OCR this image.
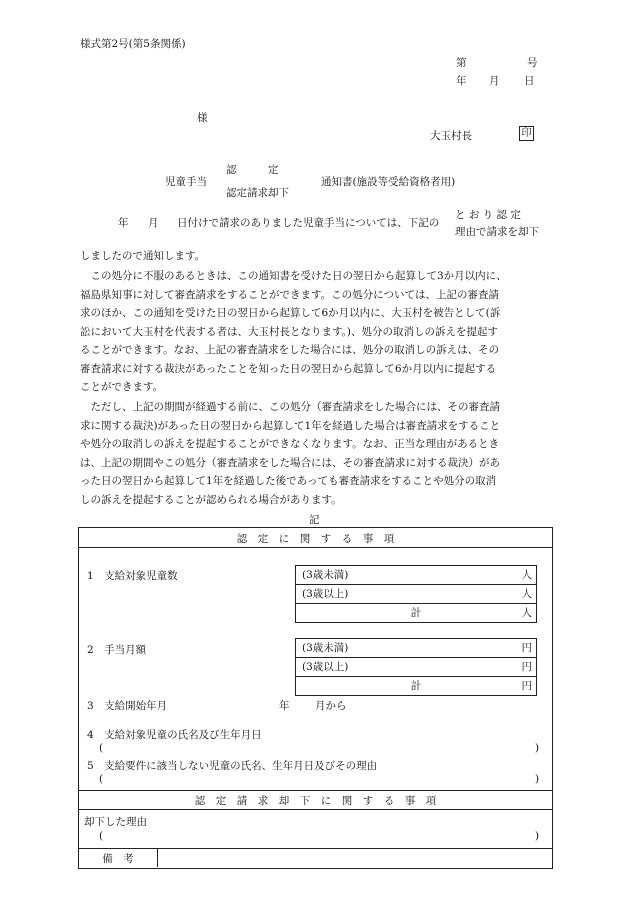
様式第2号(第5条関係)
第	号
年 月 日
様
大玉村長	印
児童手当
認　　　定
認定請求却下
通知書(施設等受給資格者用)
年 月 日付けで請求のありました児童手当については、下記の
と お り 認 定
理由で請求を却下
しましたので通知します。
　この処分に不服のあるときは、この通知書を受けた日の翌日から起算して3か月以内に、
福島県知事に対して審査請求をすることができます。この処分については、上記の審査請
求のほか、この通知を受けた日の翌日から起算して6か月以内に、大玉村を被告として(訴
訟において大玉村を代表する者は、大玉村長となります。)、処分の取消しの訴えを提起す
ることができます。なお、上記の審査請求をした場合には、処分の取消しの訴えは、その
審査請求に対する裁決があったことを知った日の翌日から起算して6か月以内に提起する
ことができます。
　ただし、上記の期間が経過する前に、この処分（審査請求をした場合には、その審査請
求に関する裁決)があった日の翌日から起算して1年を経過した場合は審査請求をすること
や処分の取消しの訴えを提起することができなくなります。なお、正当な理由があるとき
は、上記の期間やこの処分（審査請求をした場合には、その審査請求に対する裁決）があ
った日の翌日から起算して1年を経過した後であっても審査請求をすることや処分の取消
しの訴えを提起することが認められる場合があります。
記
認　定　に　関　す　る　事　項
1　支給対象児童数	(3歳未満)	人
(3歳以上)	人
計	人
2　手当月額	(3歳未満)	円
(3歳以上)	円
計	円
3　支給開始年月	年 月から
4　支給対象児童の氏名及び生年月日
(	)
5　支給要件に該当しない児童の氏名、生年月日及びその理由
(	)
認　定　請　求　却　下　に　関　す　る　事　項
却下した理由
(	)
備　考
